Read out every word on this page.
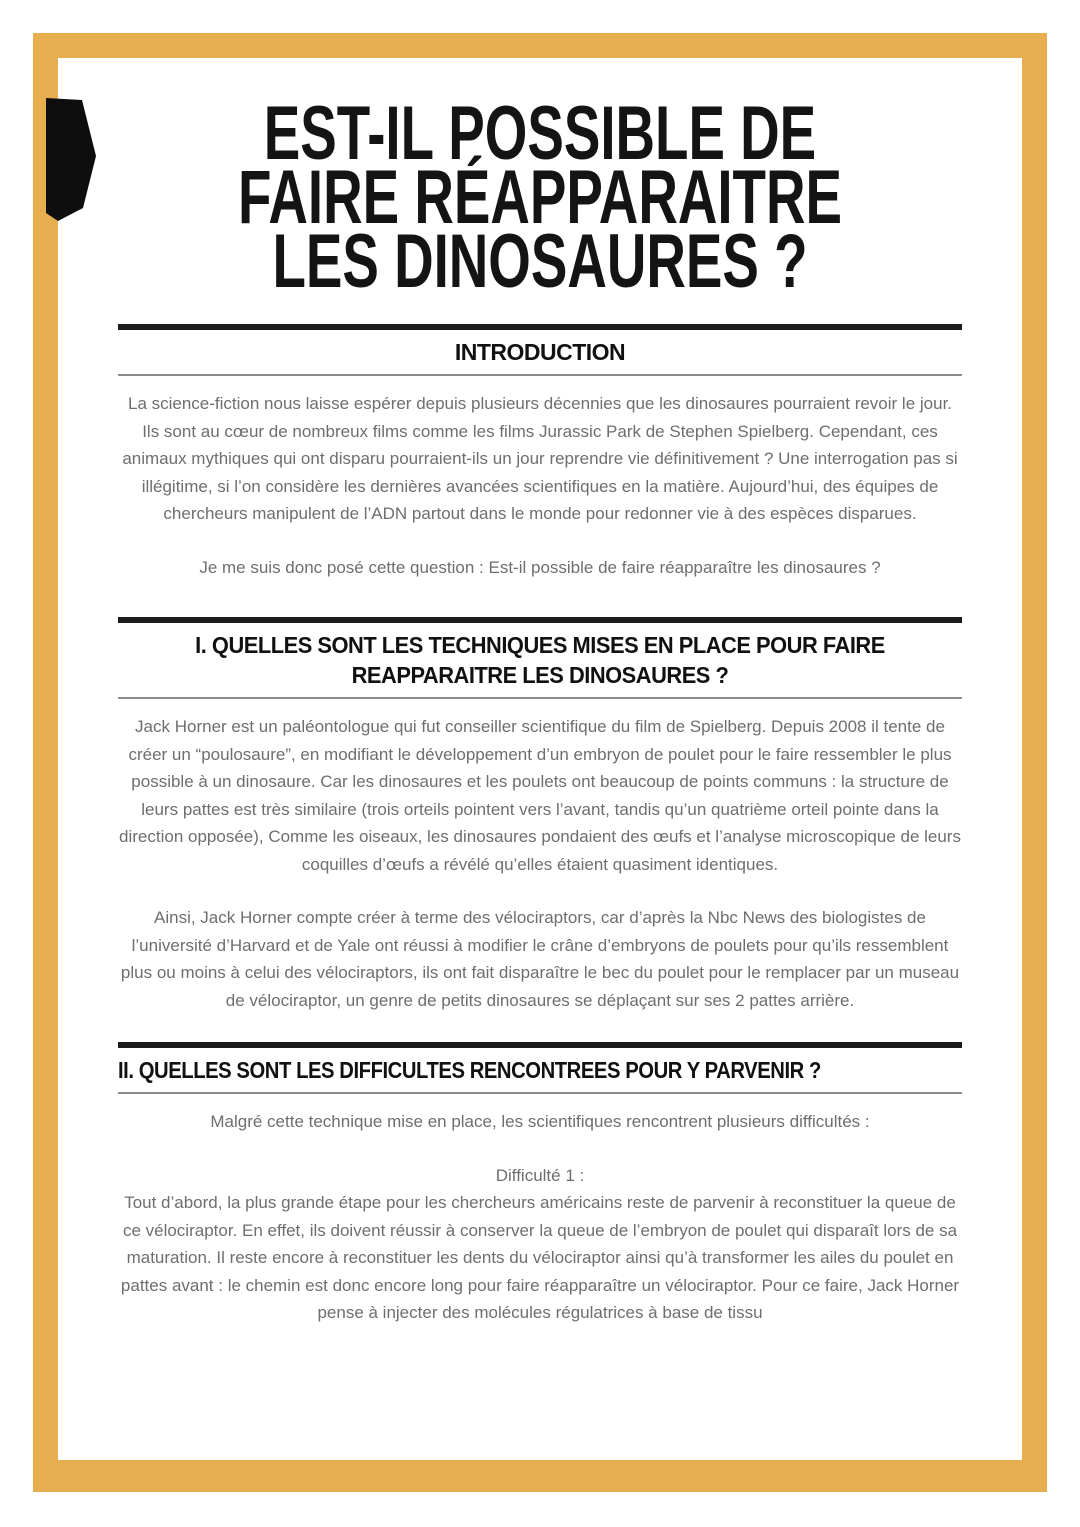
EST-IL POSSIBLE DE
FAIRE RÉAPPARAITRE
LES DINOSAURES ?
INTRODUCTION

La science-fiction nous laisse espérer depuis plusieurs décennies que les dinosaures pourraient revoir le jour. Ils sont au cœur de nombreux films comme les films Jurassic Park de Stephen Spielberg. Cependant, ces animaux mythiques qui ont disparu pourraient-ils un jour reprendre vie définitivement ? Une interrogation pas si illégitime, si l’on considère les dernières avancées scientifiques en la matière. Aujourd’hui, des équipes de chercheurs manipulent de l’ADN partout dans le monde pour redonner vie à des espèces disparues.

Je me suis donc posé cette question : Est-il possible de faire réapparaître les dinosaures ?

I. QUELLES SONT LES TECHNIQUES MISES EN PLACE POUR FAIRE
REAPPARAITRE LES DINOSAURES ?

Jack Horner est un paléontologue qui fut conseiller scientifique du film de Spielberg. Depuis 2008 il tente de créer un “poulosaure”, en modifiant le développement d’un embryon de poulet pour le faire ressembler le plus possible à un dinosaure. Car les dinosaures et les poulets ont beaucoup de points communs : la structure de leurs pattes est très similaire (trois orteils pointent vers l’avant, tandis qu’un quatrième orteil pointe dans la direction opposée), Comme les oiseaux, les dinosaures pondaient des œufs et l’analyse microscopique de leurs coquilles d’œufs a révélé qu’elles étaient quasiment identiques.

Ainsi, Jack Horner compte créer à terme des vélociraptors, car d’après la Nbc News des biologistes de l’université d’Harvard et de Yale ont réussi à modifier le crâne d’embryons de poulets pour qu’ils ressemblent plus ou moins à celui des vélociraptors, ils ont fait disparaître le bec du poulet pour le remplacer par un museau de vélociraptor, un genre de petits dinosaures se déplaçant sur ses 2 pattes arrière.

II. QUELLES SONT LES DIFFICULTES RENCONTREES POUR Y PARVENIR ?

Malgré cette technique mise en place, les scientifiques rencontrent plusieurs difficultés :

Difficulté 1 :
Tout d’abord, la plus grande étape pour les chercheurs américains reste de parvenir à reconstituer la queue de ce vélociraptor. En effet, ils doivent réussir à conserver la queue de l’embryon de poulet qui disparaît lors de sa maturation. Il reste encore à reconstituer les dents du vélociraptor ainsi qu’à transformer les ailes du poulet en pattes avant : le chemin est donc encore long pour faire réapparaître un vélociraptor. Pour ce faire, Jack Horner pense à injecter des molécules régulatrices à base de tissu
